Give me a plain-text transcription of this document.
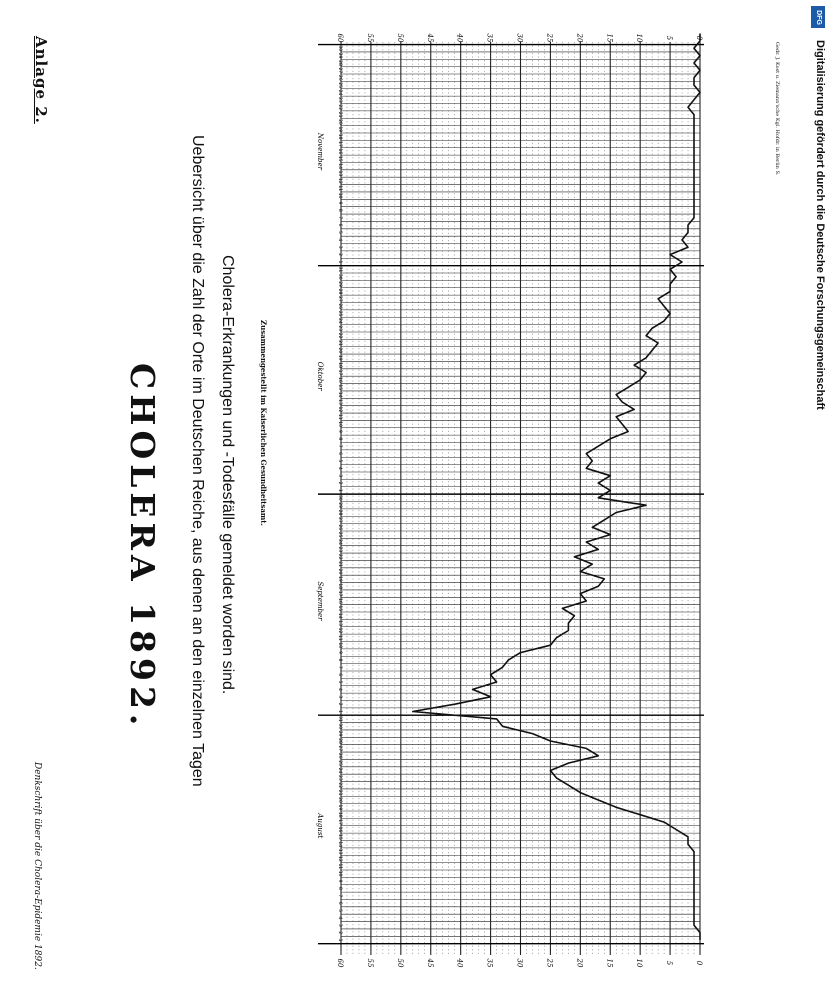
Anlage 2.
CHOLERA 1892. Uebersicht über die Zahl der Orte im Deutschen Reiche, aus denen an den einzelnen Tagen Cholera-Erkrankungen und -Todesfälle gemeldet worden sind.	Zusammengestellt im Kaiserlichen Gesundheitsamt.
Denkschrift über die Cholera-Epidemie 1892.
Gedr. J. Kost u. Ziemann'sche Kgl. Hofdr. in Berlin S.	Digitalisierung gefördert durch die Deutsche Forschungsgemeinschaft
DFG
1
2
3
4
5
6
7
8
9
10
11
12
13
14
15
16
17
18
19
20
21
22
23
24
25
26
27
28
29
30
31
1
2
3
4
5
6
7
8
9
10
11
12
13
14
15
16
17
18
19
20
21
22
23
24
25
26
27
28
29
30
1
2
3
4
5
6
7
8
9
10
11
12
13
14
15
16
17
18
19
20
21
22
23
24
25
26
27
28
29
30
31
1
2
3
4
5
6
7
8
9
10
11
12
13
14
15
16
17
18
19
20
21
22
23
24
25
26
27
28
29
30
August
September
Oktober
November
0
0
5
5
10
10
15
15
20
20
25
25
30
30
35
35
40
40
45
45
50
50
55
55
60
60
